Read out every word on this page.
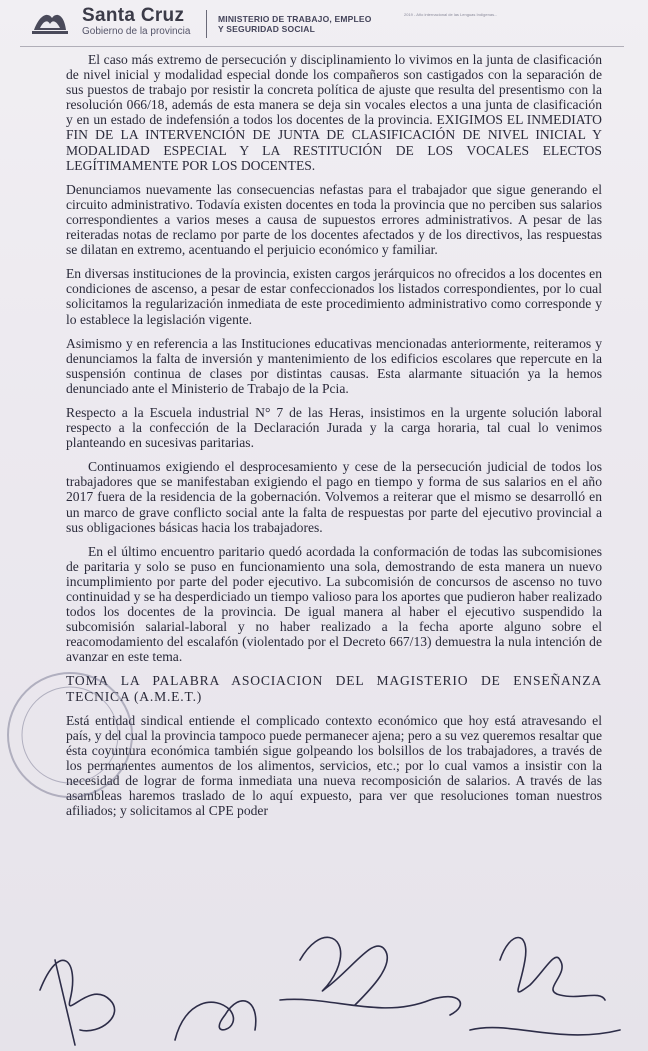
Santa Cruz
Gobierno de la provincia
MINISTERIO DE TRABAJO, EMPLEO
Y SEGURIDAD SOCIAL
2019 - Año internacional de las Lenguas Indígenas...

El caso más extremo de persecución y disciplinamiento lo vivimos en la junta de clasificación de nivel inicial y modalidad especial donde los compañeros son castigados con la separación de sus puestos de trabajo por resistir la concreta política de ajuste que resulta del presentismo con la resolución 066/18, además de esta manera se deja sin vocales electos a una junta de clasificación y en un estado de indefensión a todos los docentes de la provincia. EXIGIMOS EL INMEDIATO FIN DE LA INTERVENCIÓN DE JUNTA DE CLASIFICACIÓN DE NIVEL INICIAL Y MODALIDAD ESPECIAL Y LA RESTITUCIÓN DE LOS VOCALES ELECTOS LEGÍTIMAMENTE POR LOS DOCENTES.

Denunciamos nuevamente las consecuencias nefastas para el trabajador que sigue generando el circuito administrativo. Todavía existen docentes en toda la provincia que no perciben sus salarios correspondientes a varios meses a causa de supuestos errores administrativos. A pesar de las reiteradas notas de reclamo por parte de los docentes afectados y de los directivos, las respuestas se dilatan en extremo, acentuando el perjuicio económico y familiar.

En diversas instituciones de la provincia, existen cargos jerárquicos no ofrecidos a los docentes en condiciones de ascenso, a pesar de estar confeccionados los listados correspondientes, por lo cual solicitamos la regularización inmediata de este procedimiento administrativo como corresponde y lo establece la legislación vigente.

Asimismo y en referencia a las Instituciones educativas mencionadas anteriormente, reiteramos y denunciamos la falta de inversión y mantenimiento de los edificios escolares que repercute en la suspensión continua de clases por distintas causas. Esta alarmante situación ya la hemos denunciado ante el Ministerio de Trabajo de la Pcia.

Respecto a la Escuela industrial N° 7 de las Heras, insistimos en la urgente solución laboral respecto a la confección de la Declaración Jurada y la carga horaria, tal cual lo venimos planteando en sucesivas paritarias.

Continuamos exigiendo el desprocesamiento y cese de la persecución judicial de todos los trabajadores que se manifestaban exigiendo el pago en tiempo y forma de sus salarios en el año 2017 fuera de la residencia de la gobernación. Volvemos a reiterar que el mismo se desarrolló en un marco de grave conflicto social ante la falta de respuestas por parte del ejecutivo provincial a sus obligaciones básicas hacia los trabajadores.

En el último encuentro paritario quedó acordada la conformación de todas las subcomisiones de paritaria y solo se puso en funcionamiento una sola, demostrando de esta manera un nuevo incumplimiento por parte del poder ejecutivo. La subcomisión de concursos de ascenso no tuvo continuidad y se ha desperdiciado un tiempo valioso para los aportes que pudieron haber realizado todos los docentes de la provincia. De igual manera al haber el ejecutivo suspendido la subcomisión salarial-laboral y no haber realizado a la fecha aporte alguno sobre el reacomodamiento del escalafón (violentado por el Decreto 667/13) demuestra la nula intención de avanzar en este tema.

TOMA LA PALABRA ASOCIACION DEL MAGISTERIO DE ENSEÑANZA TECNICA (A.M.E.T.)

Está entidad sindical entiende el complicado contexto económico que hoy está atravesando el país, y del cual la provincia tampoco puede permanecer ajena; pero a su vez queremos resaltar que ésta coyuntura económica también sigue golpeando los bolsillos de los trabajadores, a través de los permanentes aumentos de los alimentos, servicios, etc.; por lo cual vamos a insistir con la necesidad de lograr de forma inmediata una nueva recomposición de salarios. A través de las asambleas haremos traslado de lo aquí expuesto, para ver que resoluciones toman nuestros afiliados; y solicitamos al CPE poder
